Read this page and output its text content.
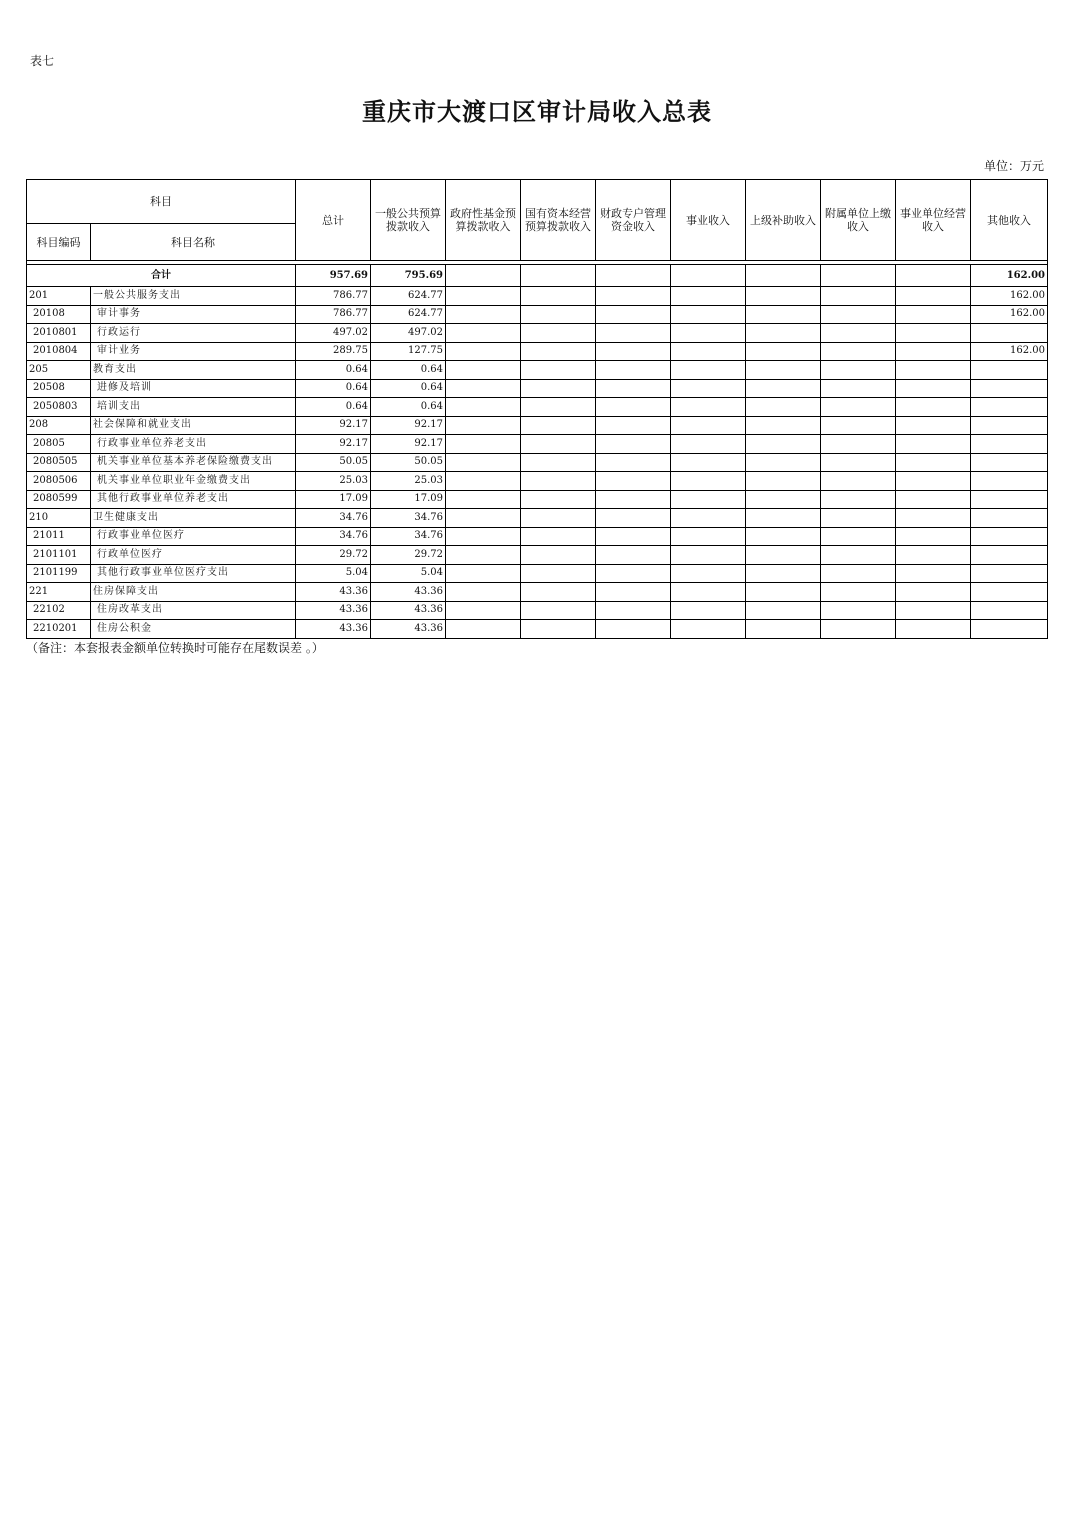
表七
重庆市大渡口区审计局收入总表
单位：万元
科目		总计	一般公共预算拨款收入	政府性基金预算拨款收入	国有资本经营预算拨款收入	财政专户管理资金收入	事业收入	上级补助收入	附属单位上缴收入	事业单位经营收入	其他收入
科目编码	科目名称										

合计		957.69	795.69								162.00
201	一般公共服务支出	786.77	624.77								162.00
20108	审计事务	786.77	624.77								162.00
2010801	行政运行	497.02	497.02								
2010804	审计业务	289.75	127.75								162.00
205	教育支出	0.64	0.64								
20508	进修及培训	0.64	0.64								
2050803	培训支出	0.64	0.64								
208	社会保障和就业支出	92.17	92.17								
20805	行政事业单位养老支出	92.17	92.17								
2080505	机关事业单位基本养老保险缴费支出	50.05	50.05								
2080506	机关事业单位职业年金缴费支出	25.03	25.03								
2080599	其他行政事业单位养老支出	17.09	17.09								
210	卫生健康支出	34.76	34.76								
21011	行政事业单位医疗	34.76	34.76								
2101101	行政单位医疗	29.72	29.72								
2101199	其他行政事业单位医疗支出	5.04	5.04								
221	住房保障支出	43.36	43.36								
22102	住房改革支出	43.36	43.36								
2210201	住房公积金	43.36	43.36								
（备注：本套报表金额单位转换时可能存在尾数误差 。）
